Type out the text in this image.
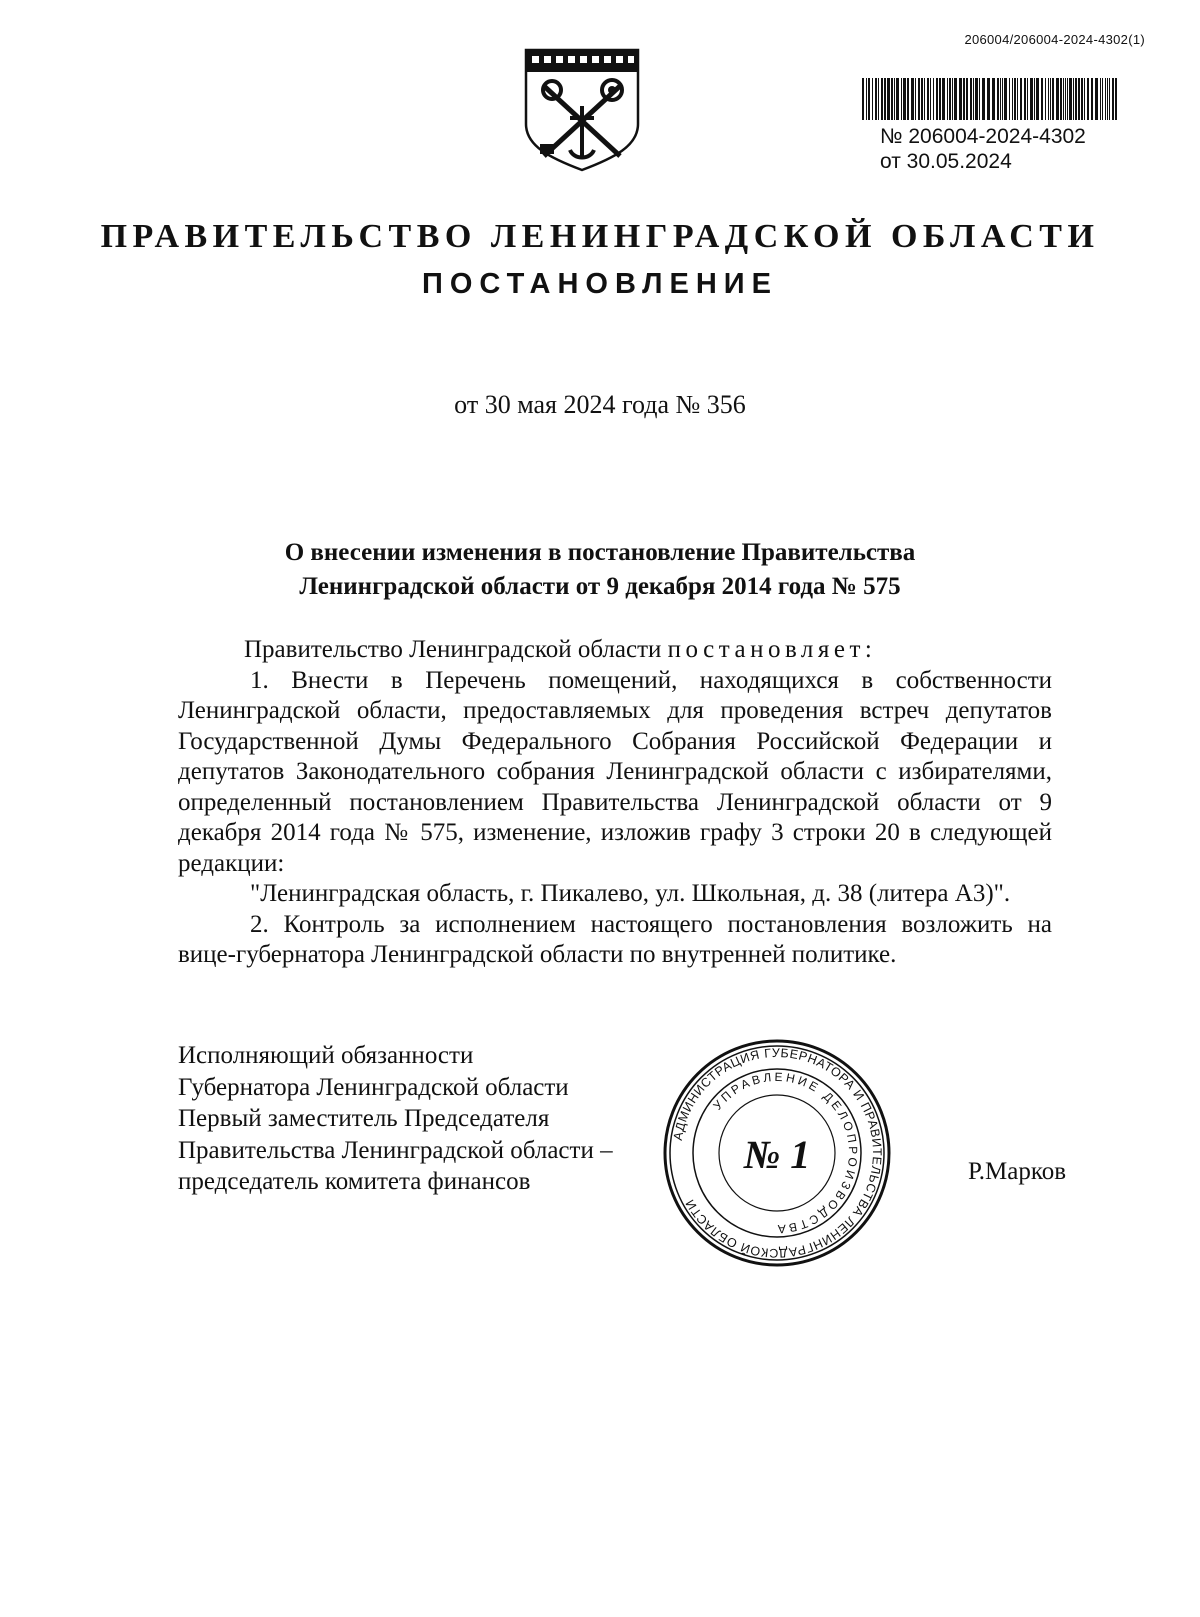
206004/206004-2024-4302(1)
№ 206004-2024-4302
от 30.05.2024
ПРАВИТЕЛЬСТВО ЛЕНИНГРАДСКОЙ ОБЛАСТИ
ПОСТАНОВЛЕНИЕ
от 30 мая 2024 года № 356
О внесении изменения в постановление Правительства
Ленинградской области от 9 декабря 2014 года № 575

Правительство Ленинградской области постановляет:

1. Внести в Перечень помещений, находящихся в собственности Ленинградской области, предоставляемых для проведения встреч депутатов Государственной Думы Федерального Собрания Российской Федерации и депутатов Законодательного собрания Ленинградской области с избирателями, определенный постановлением Правительства Ленинградской области от 9 декабря 2014 года № 575, изменение, изложив графу 3 строки 20 в следующей редакции:

"Ленинградская область, г. Пикалево, ул. Школьная, д. 38 (литера А3)".

2. Контроль за исполнением настоящего постановления возложить на вице-губернатора Ленинградской области по внутренней политике.

Исполняющий обязанности
Губернатора Ленинградской области
Первый заместитель Председателя
Правительства Ленинградской области –
председатель комитета финансов	Р.Марков
АДМИНИСТРАЦИЯ ГУБЕРНАТОРА И ПРАВИТЕЛЬСТВА ЛЕНИНГРАДСКОЙ ОБЛАСТИ
УПРАВЛЕНИЕ ДЕЛОПРОИЗВОДСТВА
№ 1
